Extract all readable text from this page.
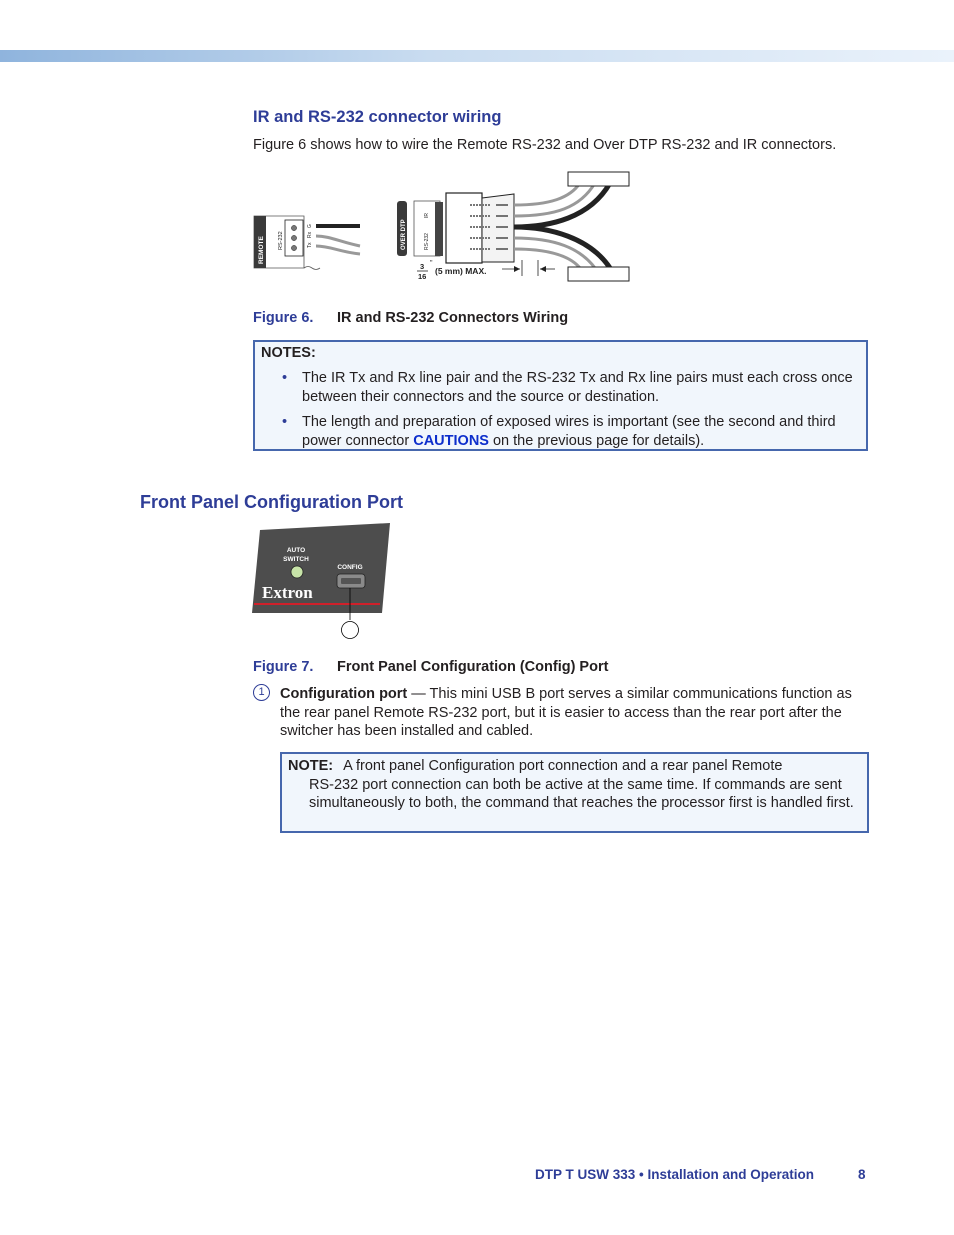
IR and RS-232 connector wiring
Figure 6 shows how to wire the Remote RS-232 and Over DTP RS-232 and IR connectors.
REMOTE RS-232	Tx
Rx
G	OVER DTP
IR
RS-232
3
16
"
(5 mm) MAX.
Figure 6. IR and RS-232 Connectors Wiring
NOTES:
• The IR Tx and Rx line pair and the RS-232 Tx and Rx line pairs must each cross once between their connectors and the source or destination.
• The length and preparation of exposed wires is important (see the second and third power connector CAUTIONS on the previous page for details).
Front Panel Configuration Port
AUTO
SWITCH
CONFIG
Extron
Figure 7. Front Panel Configuration (Config) Port
1	Configuration port — This mini USB B port serves a similar communications function as the rear panel Remote RS-232 port, but it is easier to access than the rear port after the switcher has been installed and cabled.
NOTE: A front panel Configuration port connection and a rear panel Remote
RS-232 port connection can both be active at the same time. If commands are sent simultaneously to both, the command that reaches the processor first is handled first.
DTP T USW 333 • Installation and Operation	8
